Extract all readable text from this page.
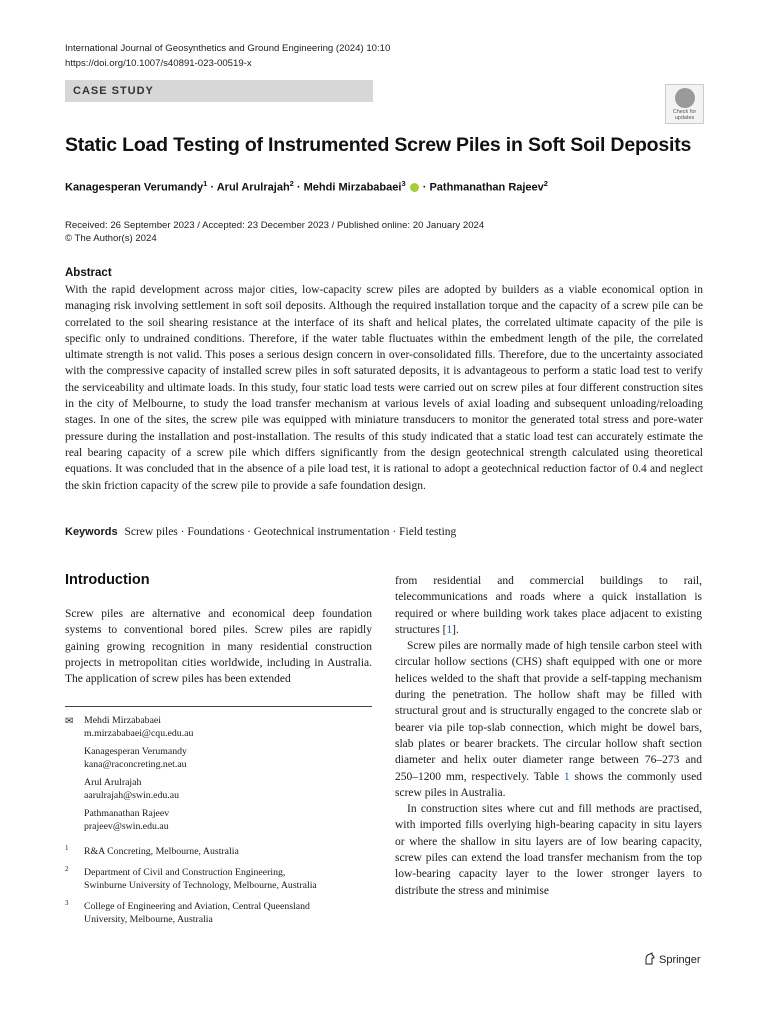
International Journal of Geosynthetics and Ground Engineering (2024) 10:10
https://doi.org/10.1007/s40891-023-00519-x
CASE STUDY
Check for
updates
Static Load Testing of Instrumented Screw Piles in Soft Soil Deposits
Kanagesperan Verumandy$^1$ · Arul Arulrajah$^2$ · Mehdi Mirzababaei$^3$  · Pathmanathan Rajeev$^2$
Received: 26 September 2023 / Accepted: 23 December 2023 / Published online: 20 January 2024
© The Author(s) 2024
Abstract
With the rapid development across major cities, low-capacity screw piles are adopted by builders as a viable economical option in managing risk involving settlement in soft soil deposits. Although the required installation torque and the capacity of a screw pile can be correlated to the soil shearing resistance at the interface of its shaft and helical plates, the correlated ultimate capacity of the pile is specific only to undrained conditions. Therefore, if the water table fluctuates within the embedment length of the pile, the correlated ultimate strength is not valid. This poses a serious design concern in over-consolidated fills. Therefore, due to the uncertainty associated with the compressive capacity of installed screw piles in soft saturated deposits, it is advantageous to perform a static load test to verify the serviceability and ultimate loads. In this study, four static load tests were carried out on screw piles at four different construction sites in the city of Melbourne, to study the load transfer mechanism at various levels of axial loading and subsequent unloading/reloading stages. In one of the sites, the screw pile was equipped with miniature transducers to monitor the generated total stress and pore-water pressure during the installation and post-installation. The results of this study indicated that a static load test can accurately estimate the real bearing capacity of a screw pile which differs significantly from the design geotechnical strength calculated using theoretical equations. It was concluded that in the absence of a pile load test, it is rational to adopt a geotechnical reduction factor of 0.4 and neglect the skin friction capacity of the screw pile to provide a safe foundation design.
Keywords Screw piles · Foundations · Geotechnical instrumentation · Field testing
Introduction
Screw piles are alternative and economical deep foundation systems to conventional bored piles. Screw piles are rapidly gaining growing recognition in many residential construction projects in metropolitan cities worldwide, including in Australia. The application of screw piles has been extended

from residential and commercial buildings to rail, telecommunications and roads where a quick installation is required or where building work takes place adjacent to existing structures [1].

Screw piles are normally made of high tensile carbon steel with circular hollow sections (CHS) shaft equipped with one or more helices welded to the shaft that provide a self-tapping mechanism during the penetration. The hollow shaft may be filled with structural grout and is structurally engaged to the concrete slab or bearer via pile top-slab connection, which might be dowel bars, slab plates or bearer brackets. The circular hollow shaft section diameter and helix outer diameter range between 76–273 and 250–1200 mm, respectively. Table 1 shows the commonly used screw piles in Australia.

In construction sites where cut and fill methods are practised, with imported fills overlying high-bearing capacity in situ layers or where the shallow in situ layers are of low bearing capacity, screw piles can extend the load transfer mechanism from the top low-bearing capacity layer to the lower stronger layers to distribute the stress and minimise

✉ Mehdi Mirzababaei
m.mirzababaei@cqu.edu.au
Kanagesperan Verumandy
kana@raconcreting.net.au
Arul Arulrajah
aarulrajah@swin.edu.au
Pathmanathan Rajeev
prajeev@swin.edu.au
1 R&A Concreting, Melbourne, Australia
2 Department of Civil and Construction Engineering,
Swinburne University of Technology, Melbourne, Australia
3 College of Engineering and Aviation, Central Queensland
University, Melbourne, Australia
Springer
